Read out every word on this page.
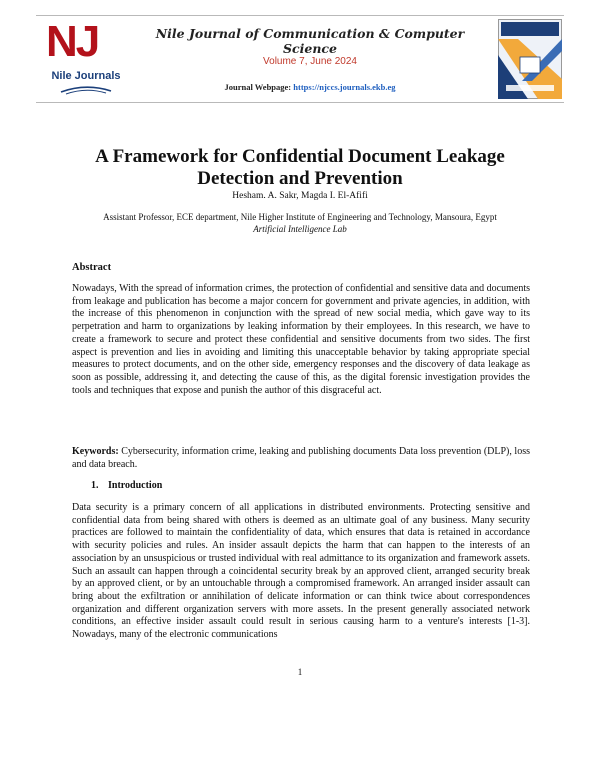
NJ
Nile Journals
Nile Journal of Communication & Computer Science
Volume 7, June 2024
Journal Webpage: https://njccs.journals.ekb.eg
A Framework for Confidential Document Leakage
Detection and Prevention
Hesham. A. Sakr, Magda I. El-Afifi
Assistant Professor, ECE department, Nile Higher Institute of Engineering and Technology, Mansoura, Egypt
Artificial Intelligence Lab
Abstract
Nowadays, With the spread of information crimes, the protection of confidential and sensitive data and documents from leakage and publication has become a major concern for government and private agencies, in addition, with the increase of this phenomenon in conjunction with the spread of new social media, which gave way to its perpetration and harm to organizations by leaking information by their employees. In this research, we have to create a framework to secure and protect these confidential and sensitive documents from two sides. The first aspect is prevention and lies in avoiding and limiting this unacceptable behavior by taking appropriate special measures to protect documents, and on the other side, emergency responses and the discovery of data leakage as soon as possible, addressing it, and detecting the cause of this, as the digital forensic investigation provides the tools and techniques that expose and punish the author of this disgraceful act.
Keywords: Cybersecurity, information crime, leaking and publishing documents Data loss prevention (DLP), loss and data breach.
1. Introduction
Data security is a primary concern of all applications in distributed environments. Protecting sensitive and confidential data from being shared with others is deemed as an ultimate goal of any business. Many security practices are followed to maintain the confidentiality of data, which ensures that data is retained in accordance with security policies and rules. An insider assault depicts the harm that can happen to the interests of an association by an unsuspicious or trusted individual with real admittance to its organization and framework assets. Such an assault can happen through a coincidental security break by an approved client, arranged security break by an approved client, or by an untouchable through a compromised framework. An arranged insider assault can bring about the exfiltration or annihilation of delicate information or can think twice about correspondences organization and different organization servers with more assets. In the present generally associated network conditions, an effective insider assault could result in serious causing harm to a venture's interests [1-3]. Nowadays, many of the electronic communications
1
